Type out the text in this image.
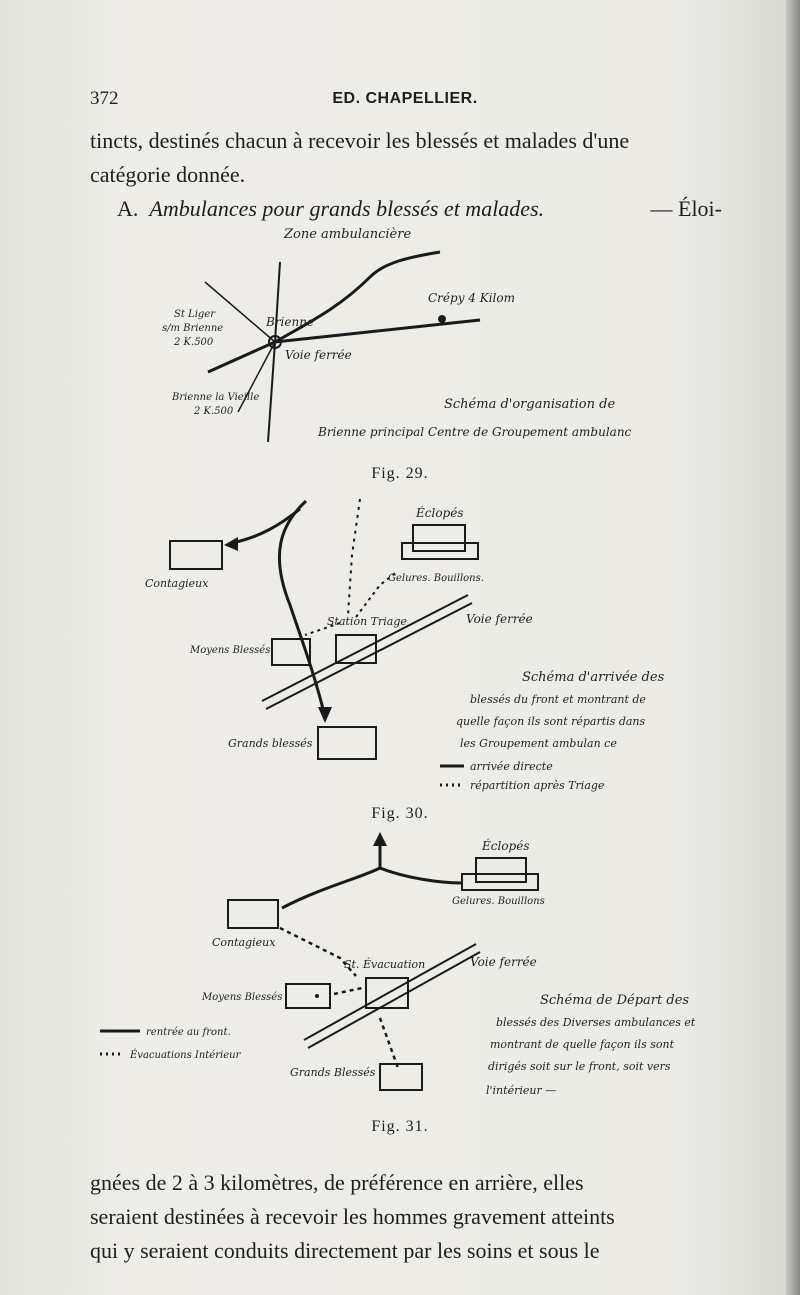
372	ED. CHAPELLIER.

tincts, destinés chacun à recevoir les blessés et malades d'une

catégorie donnée.

A. Ambulances pour grands blessés et malades.	— Éloi-

Zone ambulancière
Crépy 4 Kilom
St Liger
s/m Brienne
2 K.500
Brienne
Voie ferrée
Brienne la Vieille
2 K.500	Schéma d'organisation de
Brienne principal Centre de Groupement ambulanc
Fig. 29.
Contagieux
Éclopés
Gelures. Bouillons.
Station Triage
Moyens Blessés
Voie ferrée
Grands blessés
Schéma d'arrivée des
blessés du front et montrant de
quelle façon ils sont répartis dans
les Groupement ambulan ce
arrivée directe
répartition après Triage
Fig. 30.
Éclopés
Gelures. Bouillons
Contagieux
St. Évacuation	Voie ferrée
Moyens Blessés
Grands Blessés
rentrée au front.
Évacuations Intérieur
Schéma de Départ des
blessés des Diverses ambulances et
montrant de quelle façon ils sont
dirigés soit sur le front, soit vers
l'intérieur —
Fig. 31.

gnées de 2 à 3 kilomètres, de préférence en arrière, elles

seraient destinées à recevoir les hommes gravement atteints

qui y seraient conduits directement par les soins et sous le
